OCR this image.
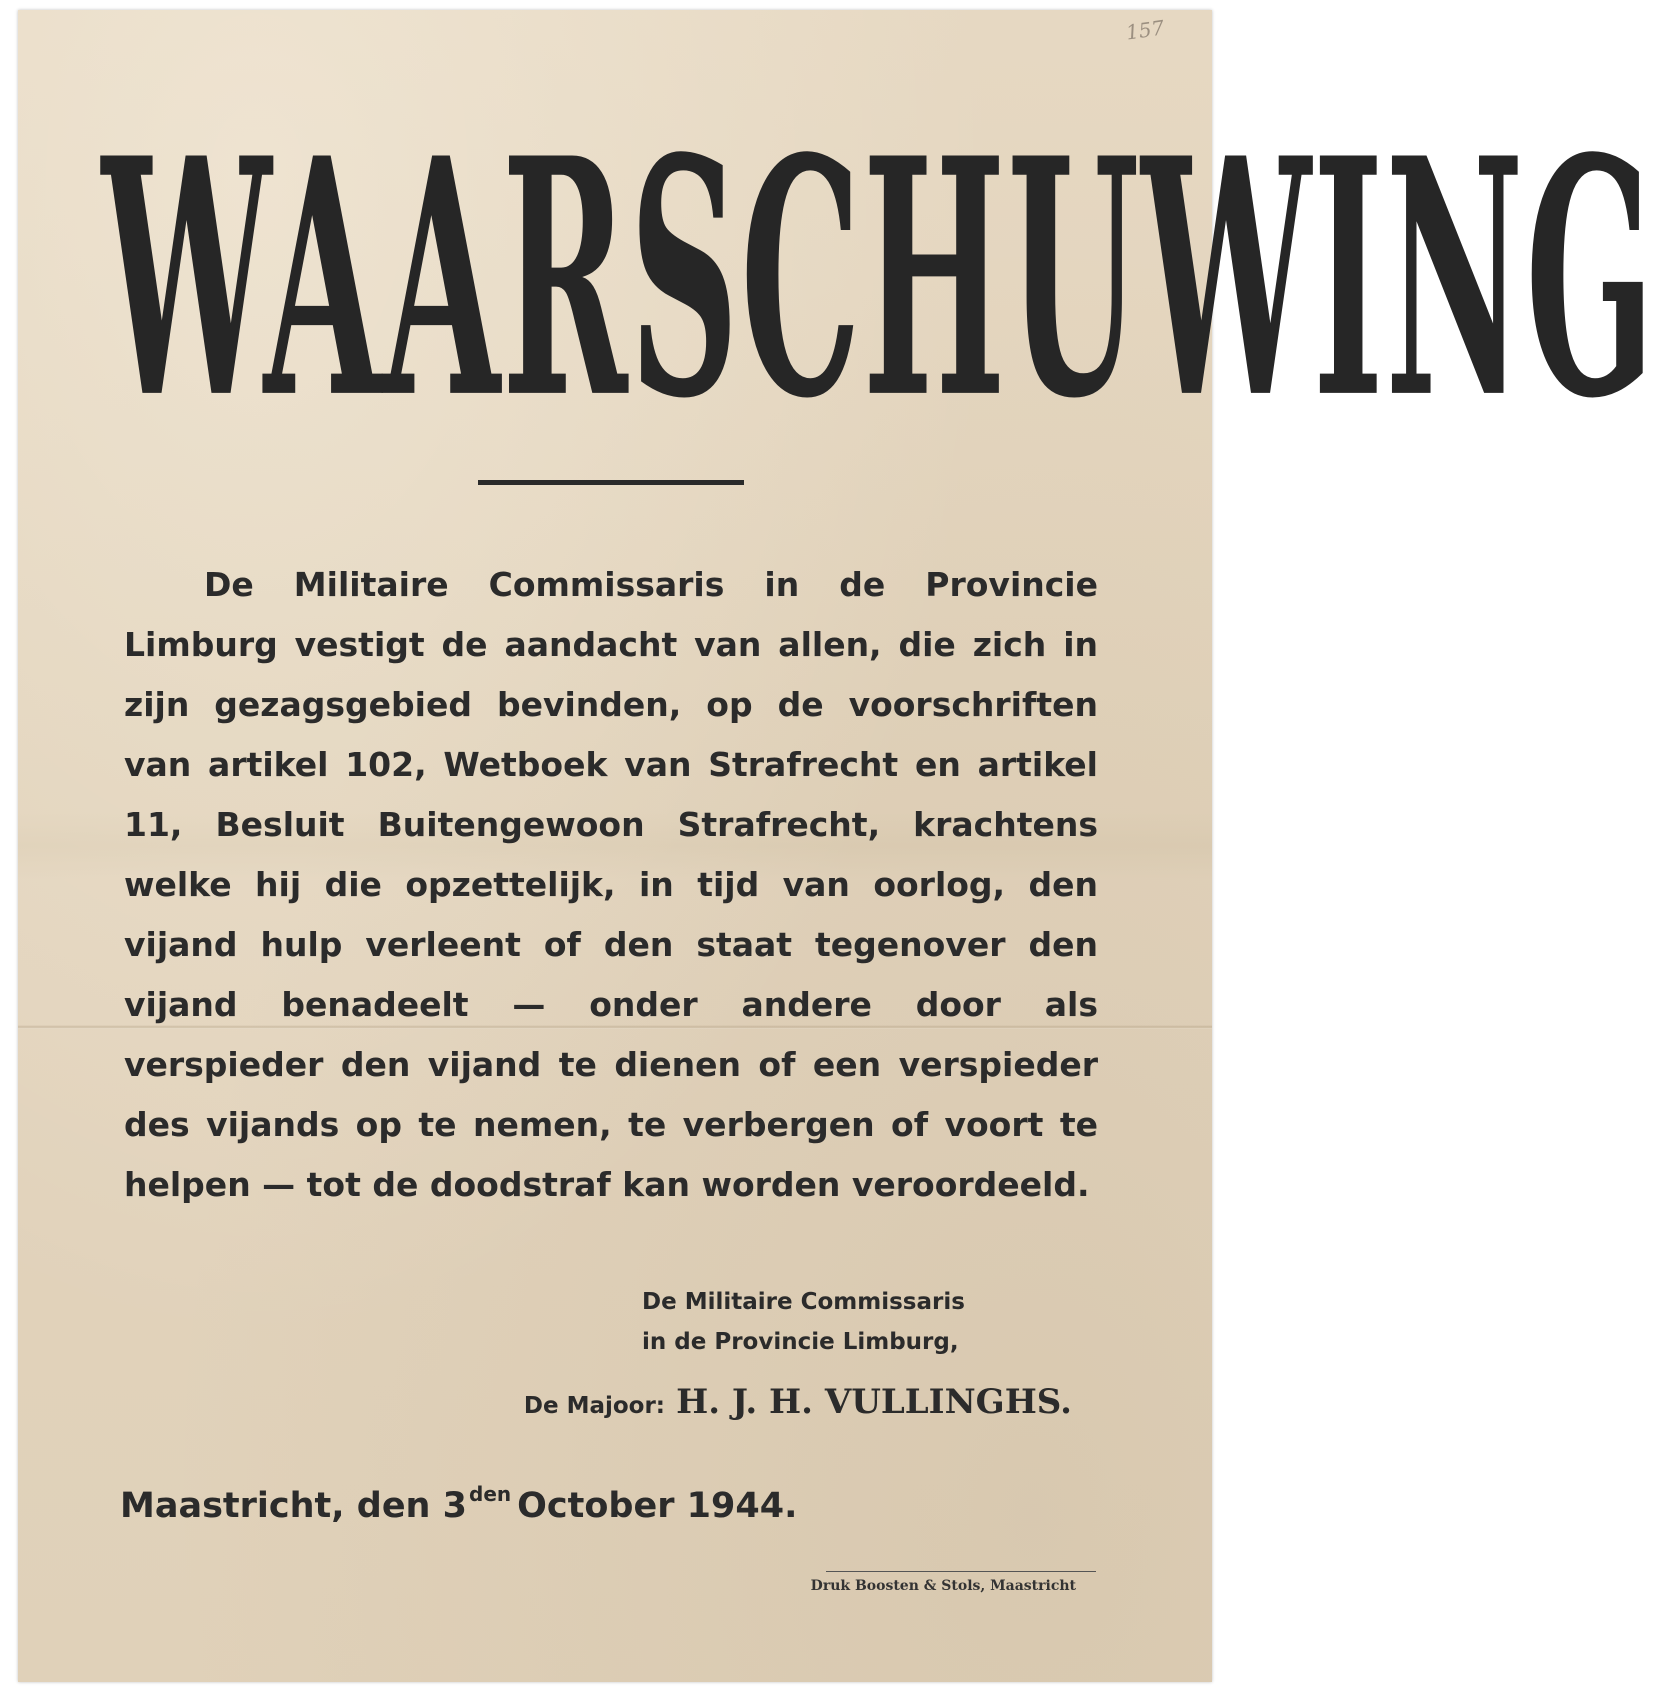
157
WAARSCHUWING

De Militaire Commissaris in de Provincie Limburg vestigt de aandacht van allen, die zich in zijn gezagsgebied bevinden, op de voorschriften van artikel 102, Wetboek van Strafrecht en artikel 11, Besluit Buitengewoon Strafrecht, krachtens welke hij die opzettelijk, in tijd van oorlog, den vijand hulp verleent of den staat tegenover den vijand benadeelt — onder andere door als verspieder den vijand te dienen of een verspieder des vijands op te nemen, te verbergen of voort te helpen — tot de doodstraf kan worden veroordeeld.

De Militaire Commissaris
in de Provincie Limburg,
De Majoor: H. J. H. VULLINGHS.
Maastricht, den 3 $^{den}$ October 1944.
Druk Boosten & Stols, Maastricht
